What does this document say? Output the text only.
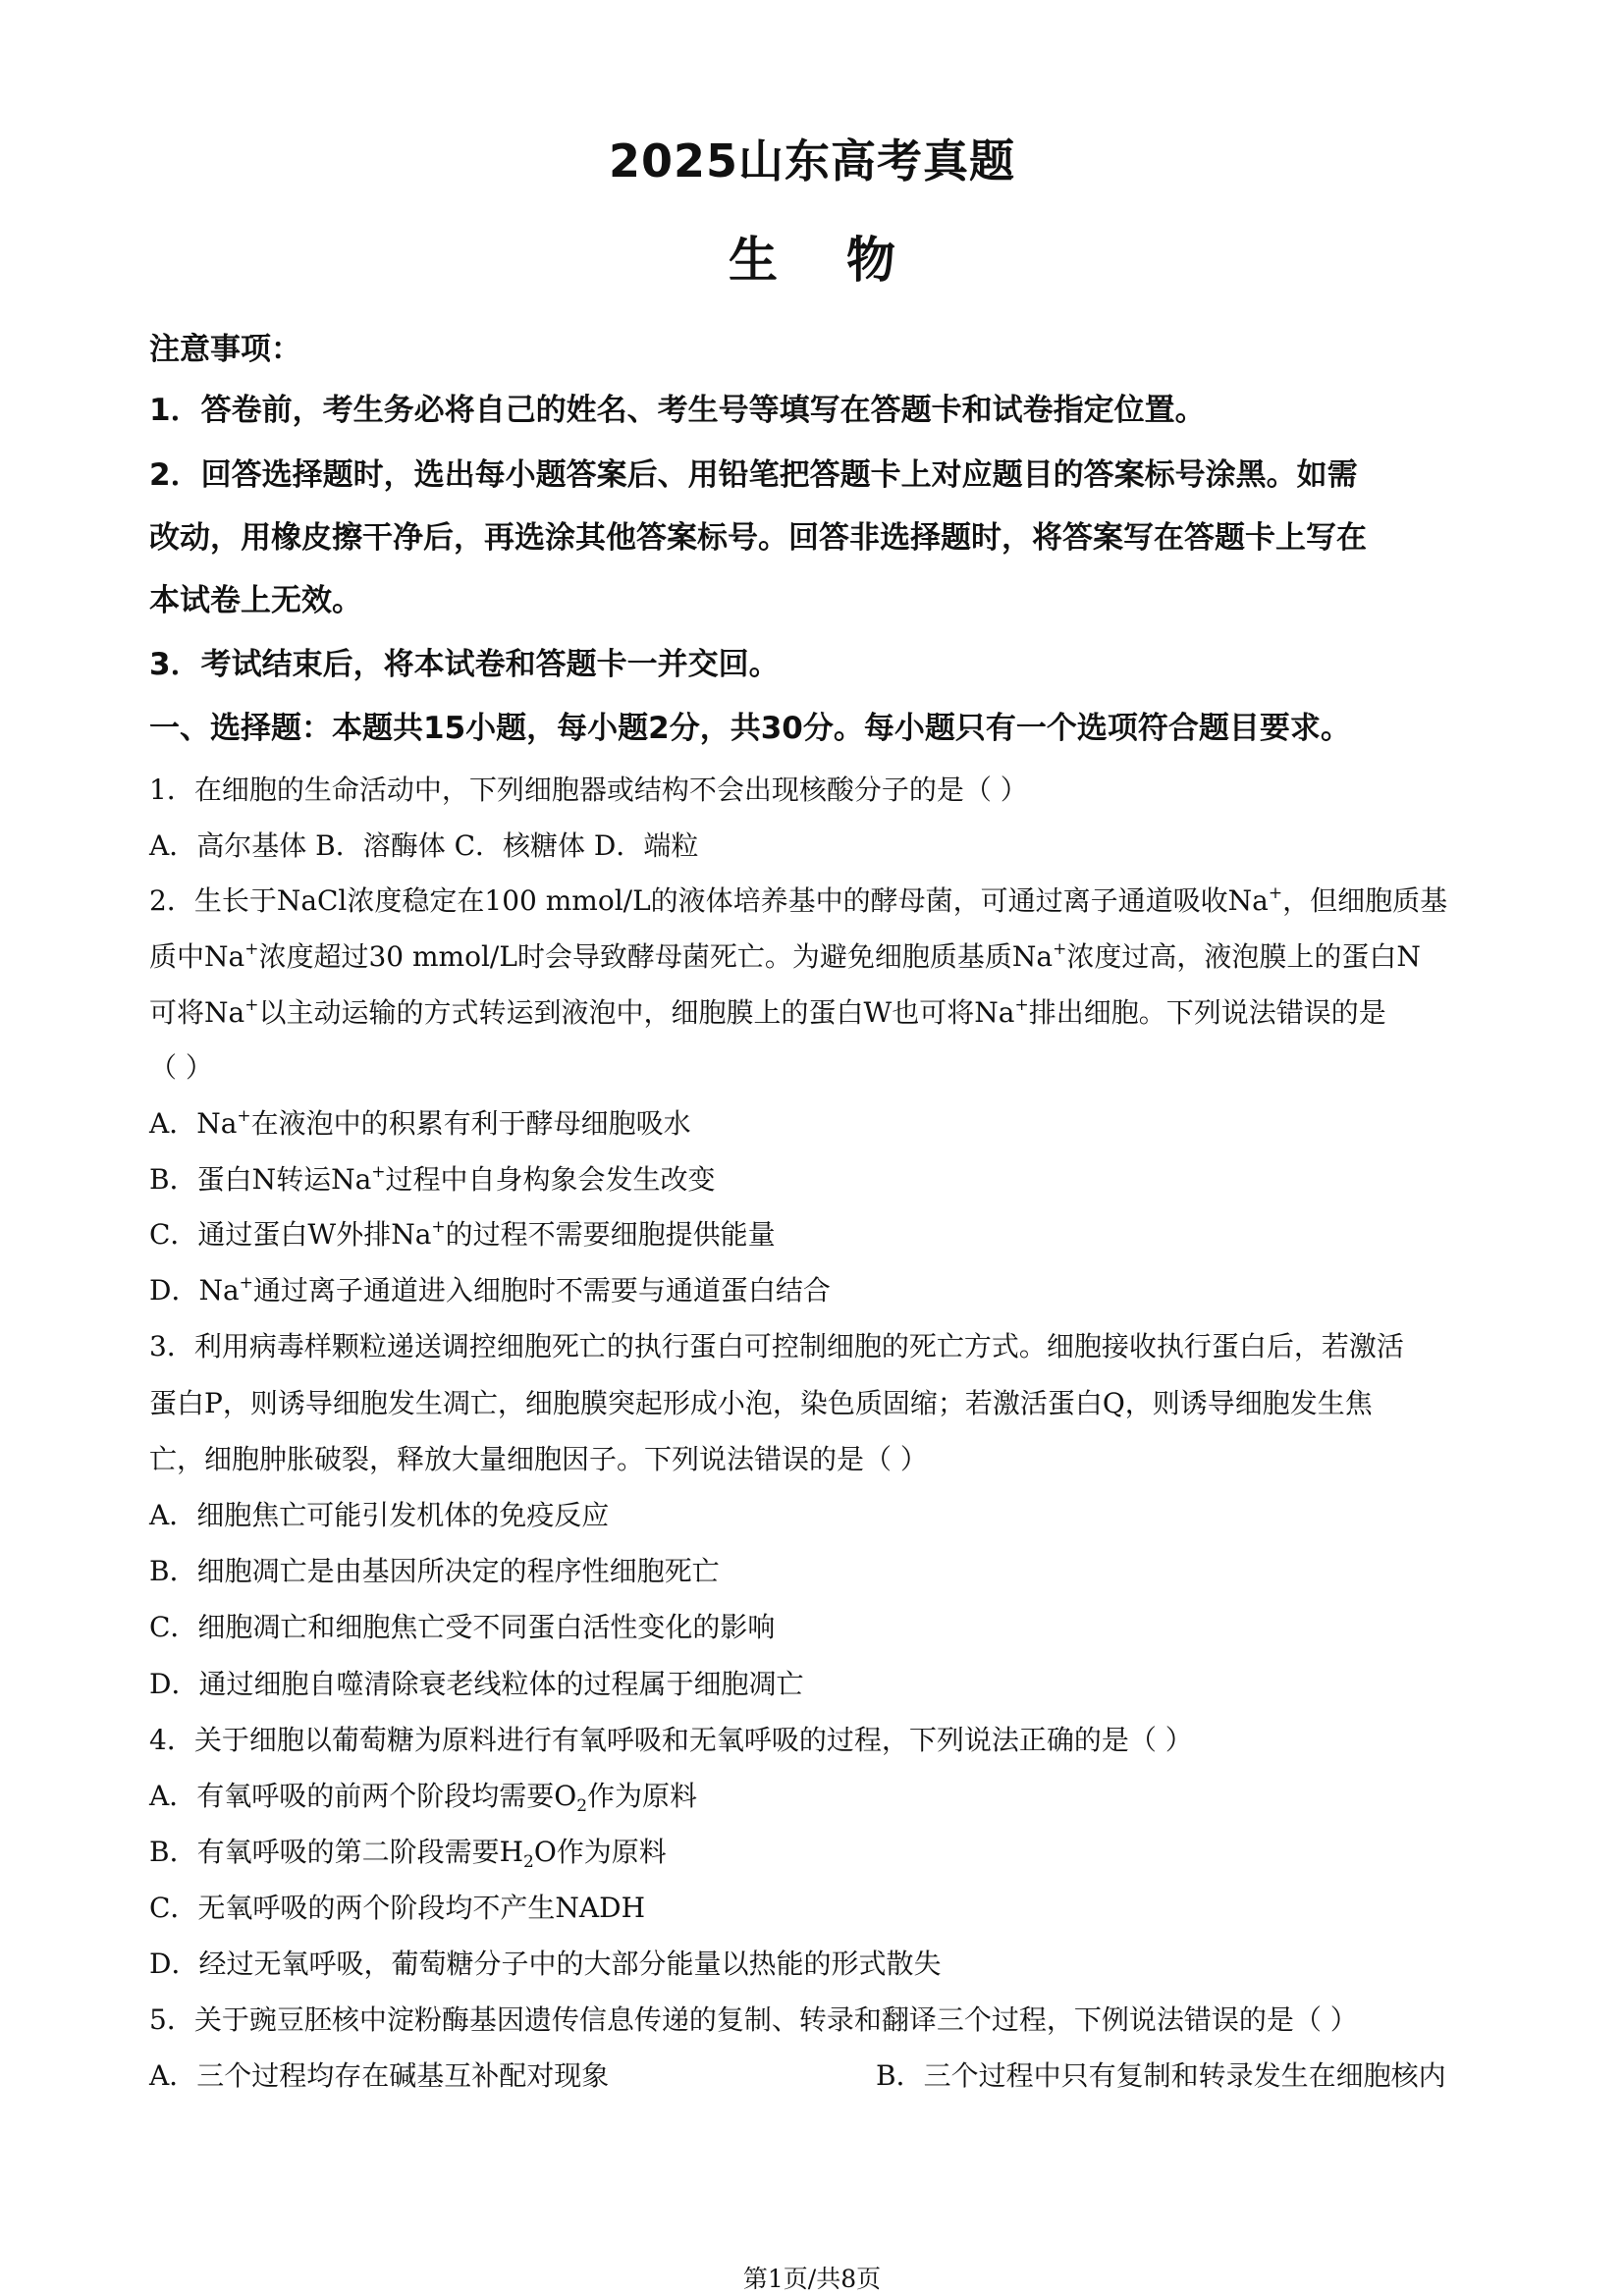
2025山东高考真题
生物
注意事项：
1．答卷前，考生务必将自己的姓名、考生号等填写在答题卡和试卷指定位置。
2．回答选择题时，选出每小题答案后、用铅笔把答题卡上对应题目的答案标号涂黑。如需
改动，用橡皮擦干净后，再选涂其他答案标号。回答非选择题时，将答案写在答题卡上写在
本试卷上无效。
3．考试结束后，将本试卷和答题卡一并交回。
一、选择题：本题共15小题，每小题2分，共30分。每小题只有一个选项符合题目要求。
1．在细胞的生命活动中，下列细胞器或结构不会出现核酸分子的是（ ）
A．高尔基体 B．溶酶体 C．核糖体 D．端粒
2．生长于NaCl浓度稳定在100 mmol/L的液体培养基中的酵母菌，可通过离子通道吸收Na+，但细胞质基
质中Na+浓度超过30 mmol/L时会导致酵母菌死亡。为避免细胞质基质Na+浓度过高，液泡膜上的蛋白N
可将Na+以主动运输的方式转运到液泡中，细胞膜上的蛋白W也可将Na+排出细胞。下列说法错误的是
（ ）
A．Na+在液泡中的积累有利于酵母细胞吸水
B．蛋白N转运Na+过程中自身构象会发生改变
C．通过蛋白W外排Na+的过程不需要细胞提供能量
D．Na+通过离子通道进入细胞时不需要与通道蛋白结合
3．利用病毒样颗粒递送调控细胞死亡的执行蛋白可控制细胞的死亡方式。细胞接收执行蛋白后，若激活
蛋白P，则诱导细胞发生凋亡，细胞膜突起形成小泡，染色质固缩；若激活蛋白Q，则诱导细胞发生焦
亡，细胞肿胀破裂，释放大量细胞因子。下列说法错误的是（ ）
A．细胞焦亡可能引发机体的免疫反应
B．细胞凋亡是由基因所决定的程序性细胞死亡
C．细胞凋亡和细胞焦亡受不同蛋白活性变化的影响
D．通过细胞自噬清除衰老线粒体的过程属于细胞凋亡
4．关于细胞以葡萄糖为原料进行有氧呼吸和无氧呼吸的过程，下列说法正确的是（ ）
A．有氧呼吸的前两个阶段均需要$O_2$作为原料
B．有氧呼吸的第二阶段需要$H_2O$作为原料
C．无氧呼吸的两个阶段均不产生NADH
D．经过无氧呼吸，葡萄糖分子中的大部分能量以热能的形式散失
5．关于豌豆胚核中淀粉酶基因遗传信息传递的复制、转录和翻译三个过程，下例说法错误的是（ ）
A．三个过程均存在碱基互补配对现象	B．三个过程中只有复制和转录发生在细胞核内
第1页/共8页
